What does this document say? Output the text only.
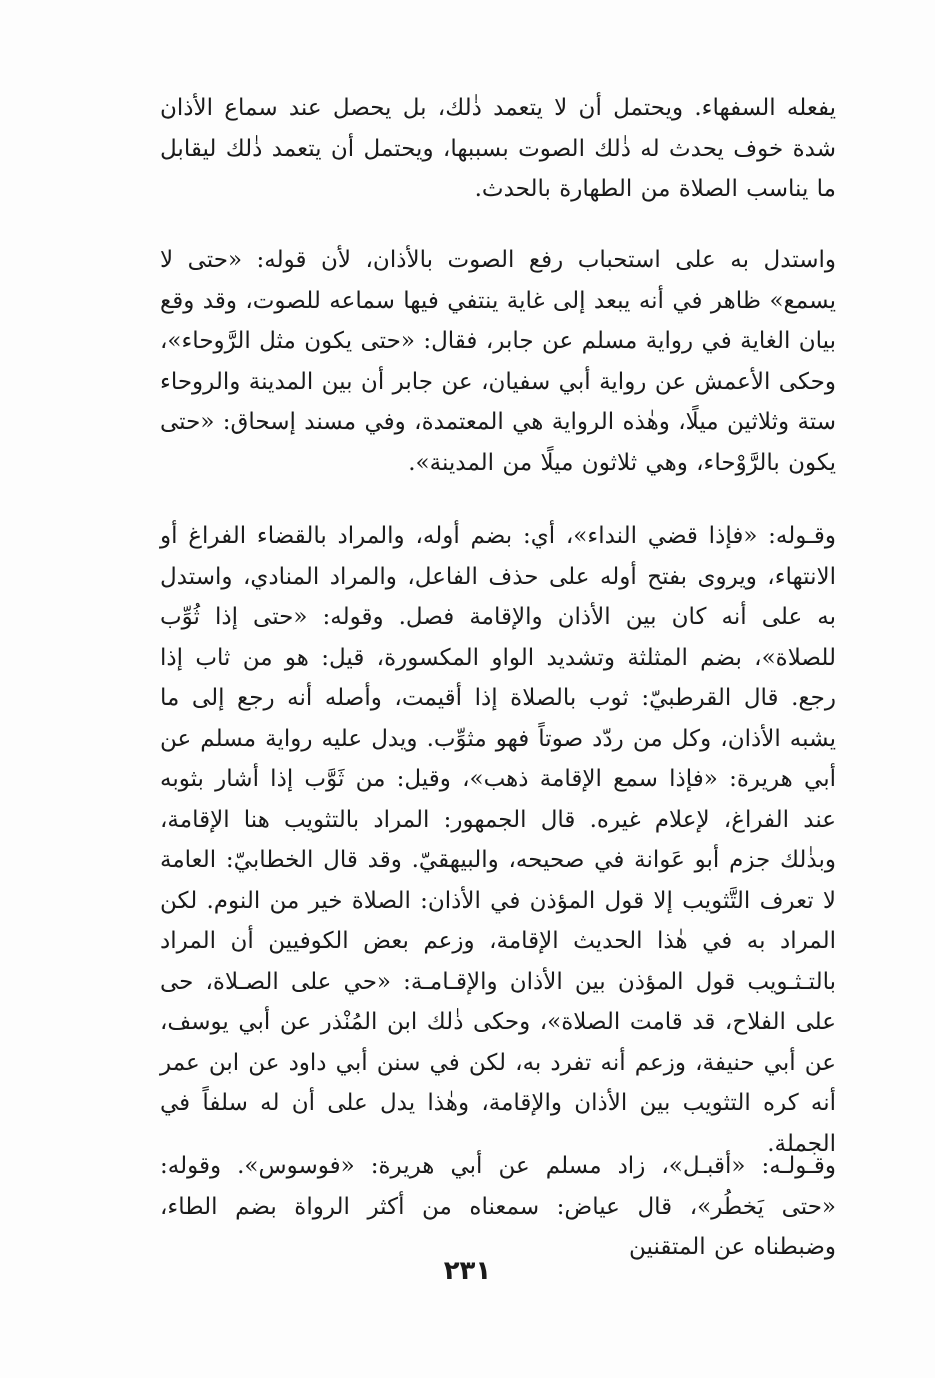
يفعله السفهاء. ويحتمل أن لا يتعمد ذٰلك، بل يحصل عند سماع الأذان شدة خوف يحدث له ذٰلك الصوت بسببها، ويحتمل أن يتعمد ذٰلك ليقابل ما يناسب الصلاة من الطهارة بالحدث.

واستدل به على استحباب رفع الصوت بالأذان، لأن قوله: «حتى لا يسمع» ظاهر في أنه يبعد إلى غاية ينتفي فيها سماعه للصوت، وقد وقع بيان الغاية في رواية مسلم عن جابر، فقال: «حتى يكون مثل الرَّوحاء»، وحكى الأعمش عن رواية أبي سفيان، عن جابر أن بين المدينة والروحاء ستة وثلاثين ميلًا، وهٰذه الرواية هي المعتمدة، وفي مسند إسحاق: «حتى يكون بالرَّوْحاء، وهي ثلاثون ميلًا من المدينة».

وقـوله: «فإذا قضي النداء»، أي: بضم أوله، والمراد بالقضاء الفراغ أو الانتهاء، ويروى بفتح أوله على حذف الفاعل، والمراد المنادي، واستدل به على أنه كان بين الأذان والإقامة فصل. وقوله: «حتى إذا ثُوِّب للصلاة»، بضم المثلثة وتشديد الواو المكسورة، قيل: هو من ثاب إذا رجع. قال القرطبيّ: ثوب بالصلاة إذا أقيمت، وأصله أنه رجع إلى ما يشبه الأذان، وكل من ردّد صوتاً فهو مثوِّب. ويدل عليه رواية مسلم عن أبي هريرة: «فإذا سمع الإقامة ذهب»، وقيل: من ثَوَّب إذا أشار بثوبه عند الفراغ، لإعلام غيره. قال الجمهور: المراد بالتثويب هنا الإقامة، وبذٰلك جزم أبو عَوانة في صحيحه، والبيهقيّ. وقد قال الخطابيّ: العامة لا تعرف التَّثويب إلا قول المؤذن في الأذان: الصلاة خير من النوم. لكن المراد به في هٰذا الحديث الإقامة، وزعم بعض الكوفيين أن المراد بالتـثـويب قول المؤذن بين الأذان والإقـامـة: «حي على الصـلاة، حى على الفلاح، قد قامت الصلاة»، وحكى ذٰلك ابن المُنْذر عن أبي يوسف، عن أبي حنيفة، وزعم أنه تفرد به، لكن في سنن أبي داود عن ابن عمر أنه كره التثويب بين الأذان والإقامة، وهٰذا يدل على أن له سلفاً في الجملة.

وقـولـه: «أقبـل»، زاد مسلم عن أبي هريرة: «فوسوس». وقوله: «حتى يَخطُر»، قال عياض: سمعناه من أكثر الرواة بضم الطاء، وضبطناه عن المتقنين

٢٣١
